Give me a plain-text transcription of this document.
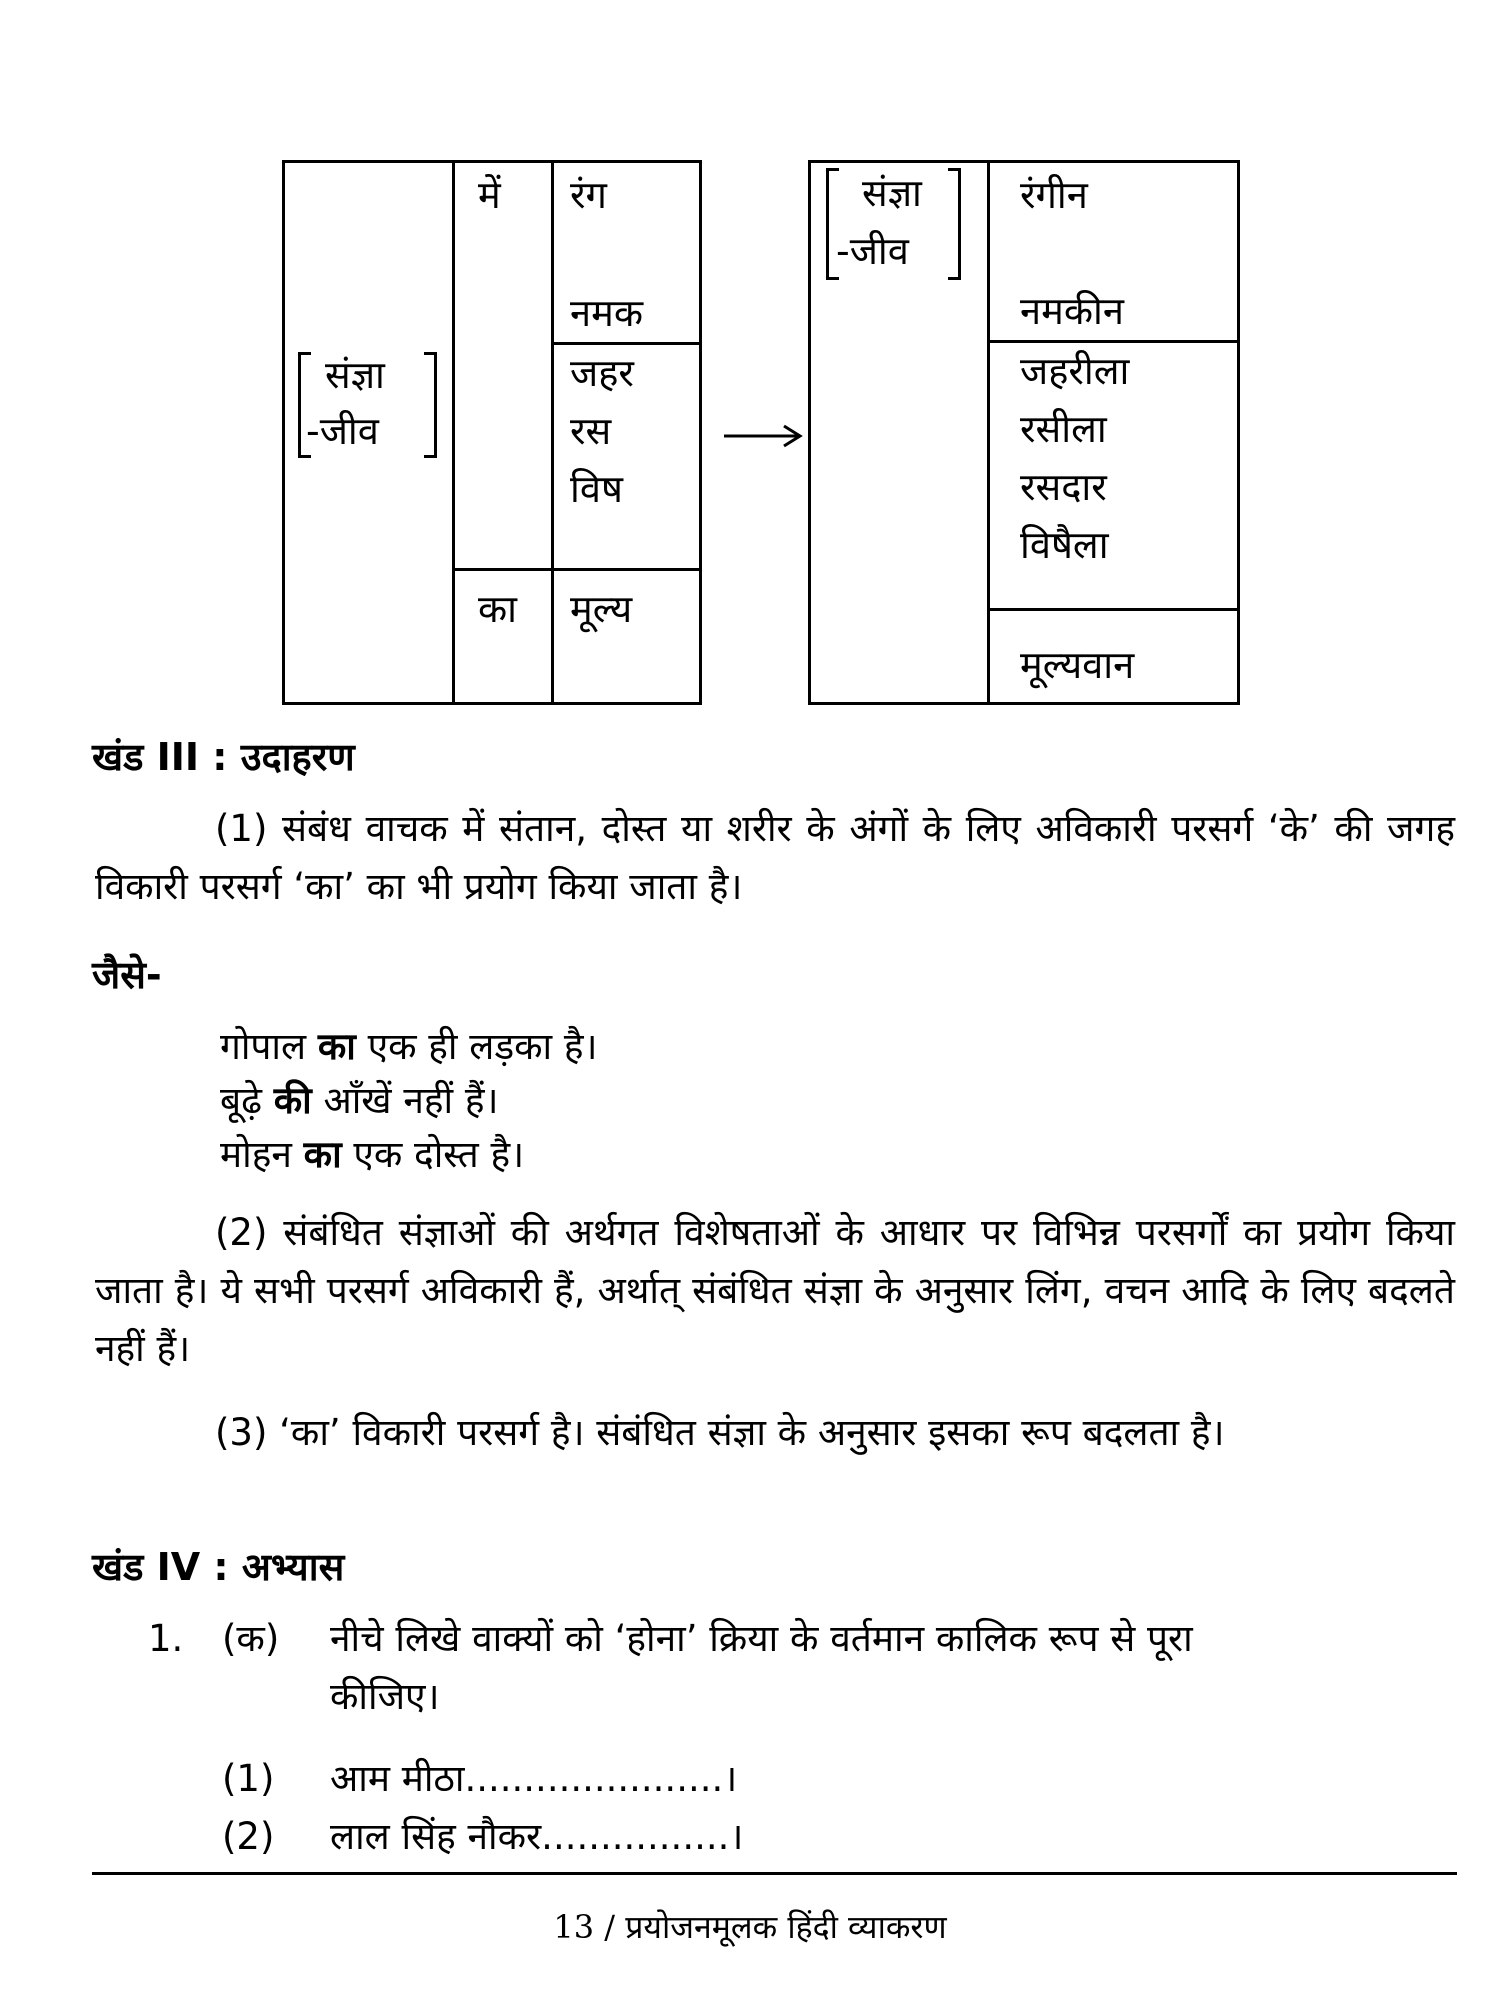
संज्ञा
-जीव
में
का
रंग
नमक
जहर
रस
विष
मूल्य
संज्ञा
-जीव
रंगीन
नमकीन
जहरीला
रसीला
रसदार
विषैला
मूल्यवान
खंड III : उदाहरण
(1) संबंध वाचक में संतान, दोस्त या शरीर के अंगों के लिए अविकारी परसर्ग ‘के’ की जगह विकारी परसर्ग ‘का’ का भी प्रयोग किया जाता है।
जैसे-
गोपाल का एक ही लड़का है।
बूढ़े की आँखें नहीं हैं।
मोहन का एक दोस्त है।
(2) संबंधित संज्ञाओं की अर्थगत विशेषताओं के आधार पर विभिन्न परसर्गों का प्रयोग किया जाता है। ये सभी परसर्ग अविकारी हैं, अर्थात् संबंधित संज्ञा के अनुसार लिंग, वचन आदि के लिए बदलते नहीं हैं।
(3) ‘का’ विकारी परसर्ग है। संबंधित संज्ञा के अनुसार इसका रूप बदलता है।
खंड IV : अभ्यास
1. (क) नीचे लिखे वाक्यों को ‘होना’ क्रिया के वर्तमान कालिक रूप से पूरा
कीजिए।
(1) आम मीठा......................।
(2) लाल सिंह नौकर................।
13 / प्रयोजनमूलक हिंदी व्याकरण
